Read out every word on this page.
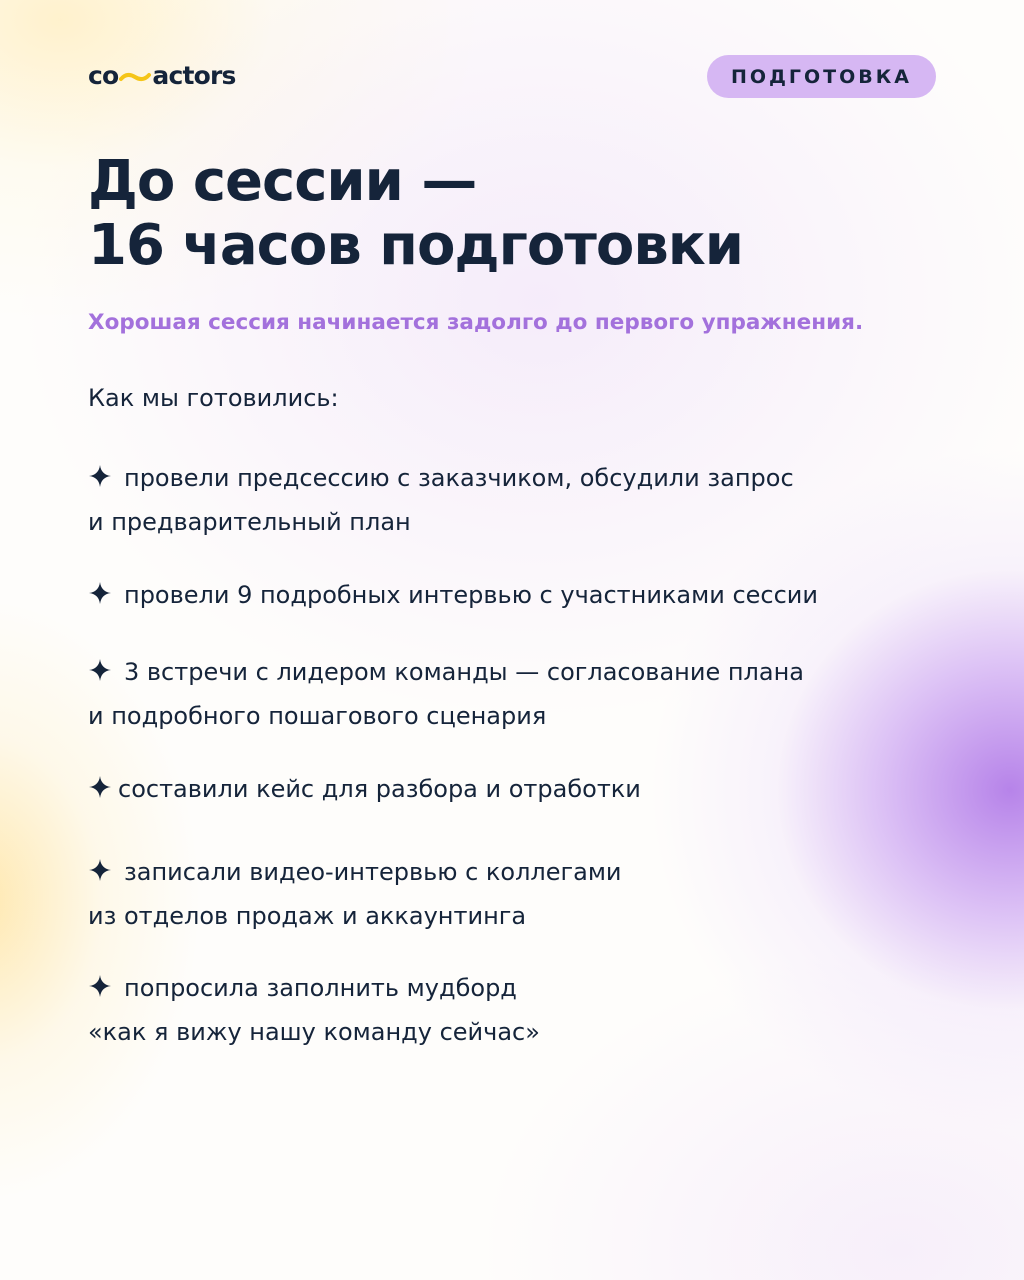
co actors	ПОДГОТОВКА
До сессии —
16 часов подготовки

Хорошая сессия начинается задолго до первого упражнения.

Как мы готовились:

провели предсессию с заказчиком, обсудили запрос
и предварительный план
провели 9 подробных интервью с участниками сессии
3 встречи с лидером команды — согласование плана
и подробного пошагового сценария
составили кейс для разбора и отработки
записали видео-интервью с коллегами
из отделов продаж и аккаунтинга
попросила заполнить мудборд
«как я вижу нашу команду сейчас»
